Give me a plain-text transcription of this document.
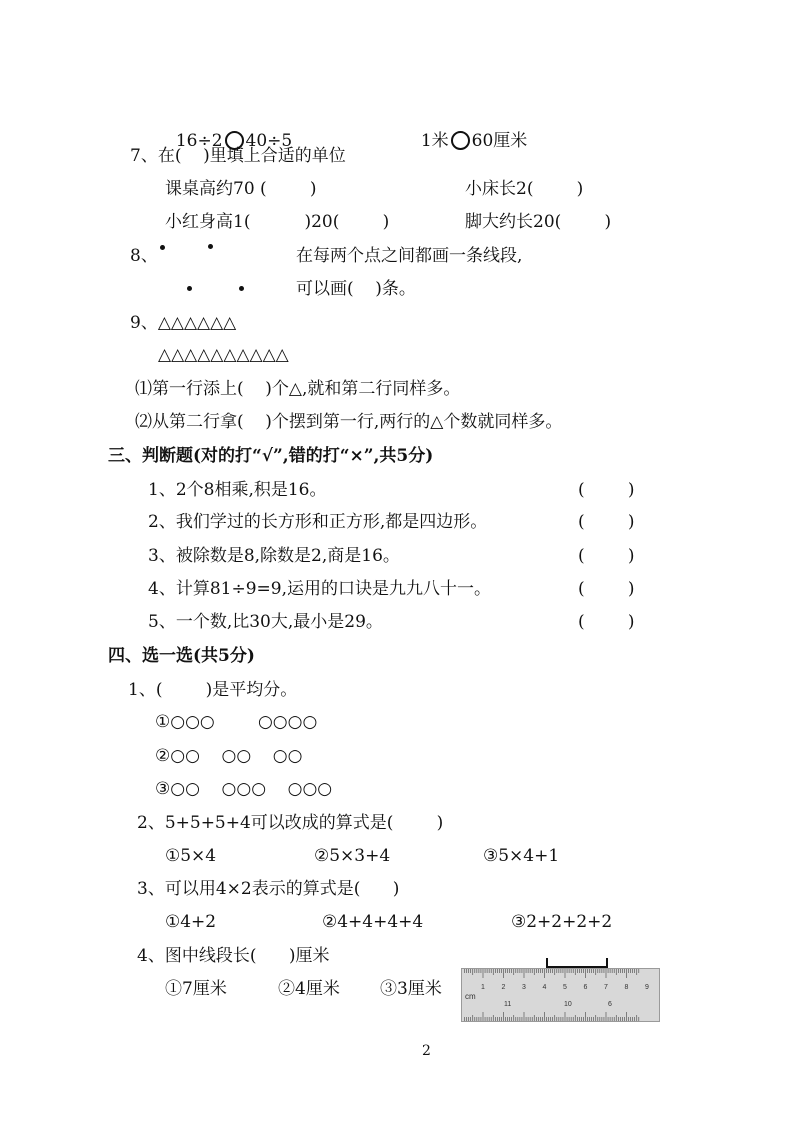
16÷2 40÷5	1米 60厘米

7、在(    )里填上合适的单位
课桌高约70 (        )	小床长2(        )
小红身高1(          )20(        )	脚大约长20(        )
8、	在每两个点之间都画一条线段,
可以画(    )条。
9、△△△△△△
△△△△△△△△△△
⑴第一行添上(    )个△,就和第二行同样多。
⑵从第二行拿(    )个摆到第一行,两行的△个数就同样多。
三、判断题(对的打“√”,错的打“×”,共5分)
1、2个8相乘,积是16。	(        )
2、我们学过的长方形和正方形,都是四边形。	(        )
3、被除数是8,除数是2,商是16。	(        )
4、计算81÷9=9,运用的口诀是九九八十一。	(        )
5、一个数,比30大,最小是29。	(        )
四、选一选(共5分)
1、(        )是平均分。
①○○○        ○○○○
②○○    ○○    ○○
③○○    ○○○    ○○○
2、5+5+5+4可以改成的算式是(        )
①5×4	②5×3+4	③5×4+1
3、可以用4×2表示的算式是(      )
①4+2	②4+4+4+4	③2+2+2+2
4、图中线段长(      )厘米
①7厘米	②4厘米 ③3厘米	cm
1 2 3 4 5 6 7 8 9
11	10	6
2
